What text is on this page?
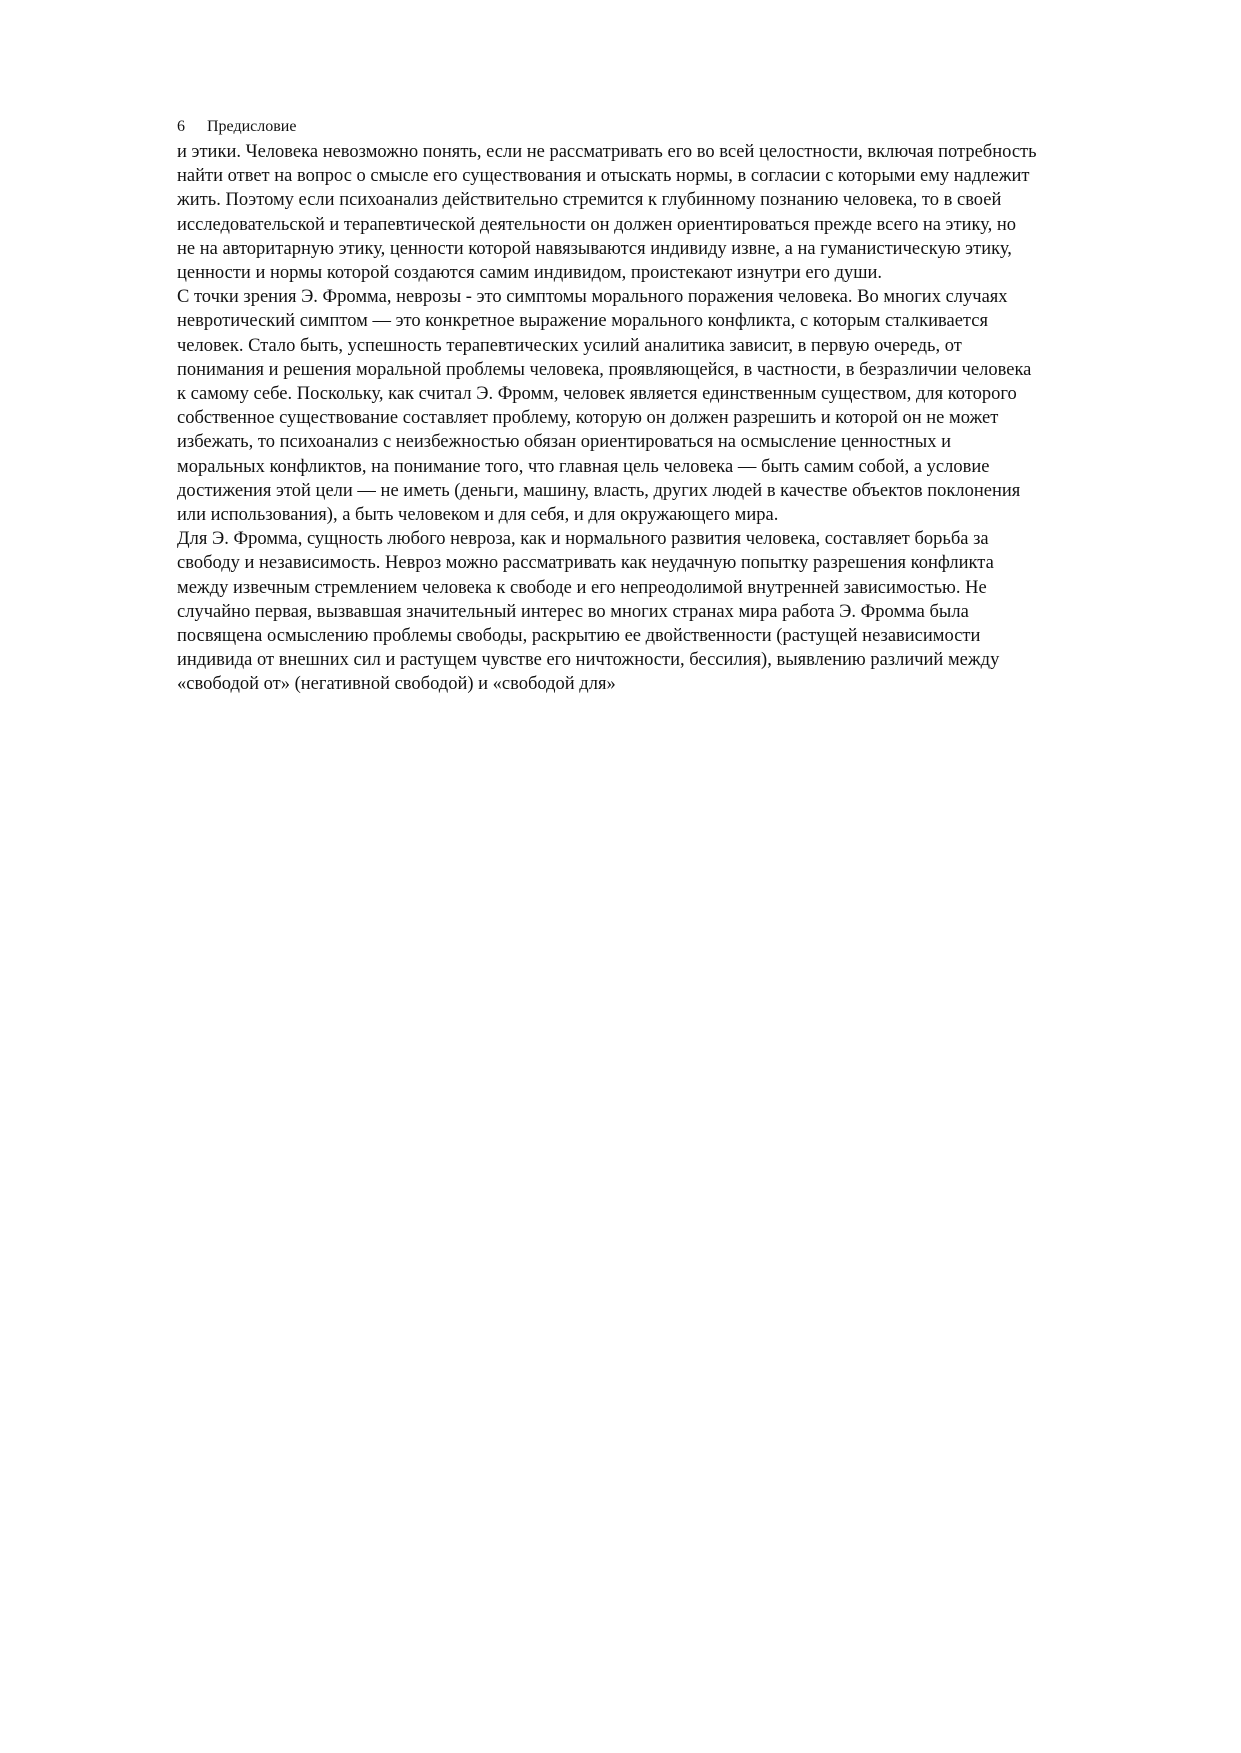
6 Предисловие
и этики. Человека невозможно понять, если не рассматривать его во всей целостности, включая потребность
найти ответ на вопрос о смысле его существования и отыскать нормы, в согласии с которыми ему надлежит
жить. Поэтому если психоанализ действительно стремится к глубинному познанию человека, то в своей
исследовательской и терапевтической деятельности он должен ориентироваться прежде всего на этику, но
не на авторитарную этику, ценности которой навязываются индивиду извне, а на гуманистическую этику,
ценности и нормы которой создаются самим индивидом, проистекают изнутри его души.
С точки зрения Э. Фромма, неврозы - это симптомы морального поражения человека. Во многих случаях
невротический симптом — это конкретное выражение морального конфликта, с которым сталкивается
человек. Стало быть, успешность терапевтических усилий аналитика зависит, в первую очередь, от
понимания и решения моральной проблемы человека, проявляющейся, в частности, в безразличии человека
к самому себе. Поскольку, как считал Э. Фромм, человек является единственным существом, для которого
собственное существование составляет проблему, которую он должен разрешить и которой он не может
избежать, то психоанализ с неизбежностью обязан ориентироваться на осмысление ценностных и
моральных конфликтов, на понимание того, что главная цель человека — быть самим собой, а условие
достижения этой цели — не иметь (деньги, машину, власть, других людей в качестве объектов поклонения
или использования), а быть человеком и для себя, и для окружающего мира.
Для Э. Фромма, сущность любого невроза, как и нормального развития человека, составляет борьба за
свободу и независимость. Невроз можно рассматривать как неудачную попытку разрешения конфликта
между извечным стремлением человека к свободе и его непреодолимой внутренней зависимостью. Не
случайно первая, вызвавшая значительный интерес во многих странах мира работа Э. Фромма была
посвящена осмыслению проблемы свободы, раскрытию ее двойственности (растущей независимости
индивида от внешних сил и растущем чувстве его ничтожности, бессилия), выявлению различий между
«свободой от» (негативной свободой) и «свободой для»
